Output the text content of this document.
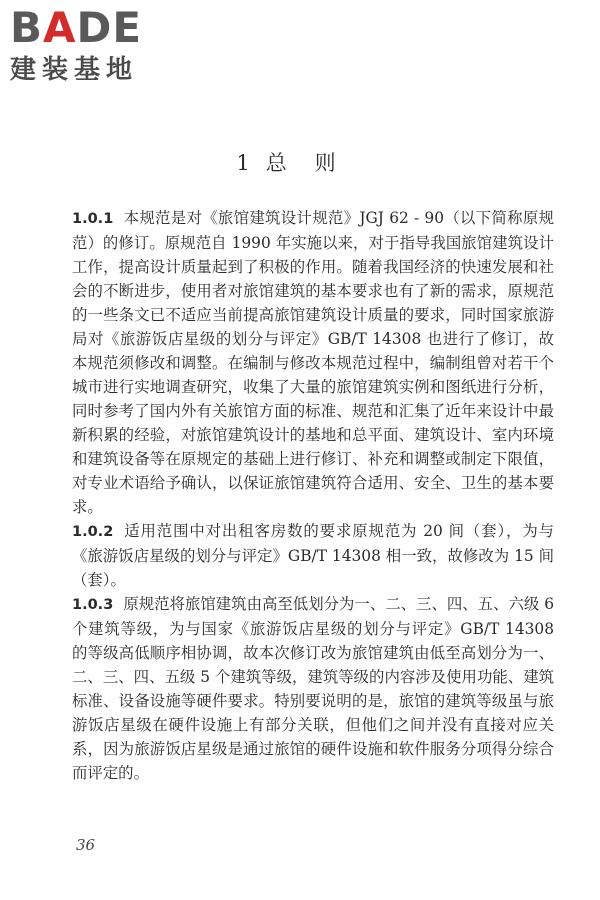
BADE
建装基地
1 总则

1.0.1 本规范是对《旅馆建筑设计规范》JGJ 62 - 90（以下简称原规范）的修订。原规范自 1990 年实施以来，对于指导我国旅馆建筑设计工作，提高设计质量起到了积极的作用。随着我国经济的快速发展和社会的不断进步，使用者对旅馆建筑的基本要求也有了新的需求，原规范的一些条文已不适应当前提高旅馆建筑设计质量的要求，同时国家旅游局对《旅游饭店星级的划分与评定》GB/T 14308 也进行了修订，故本规范须修改和调整。在编制与修改本规范过程中，编制组曾对若干个城市进行实地调查研究，收集了大量的旅馆建筑实例和图纸进行分析，同时参考了国内外有关旅馆方面的标准、规范和汇集了近年来设计中最新积累的经验，对旅馆建筑设计的基地和总平面、建筑设计、室内环境和建筑设备等在原规定的基础上进行修订、补充和调整或制定下限值，对专业术语给予确认，以保证旅馆建筑符合适用、安全、卫生的基本要求。

1.0.2 适用范围中对出租客房数的要求原规范为 20 间（套），为与《旅游饭店星级的划分与评定》GB/T 14308 相一致，故修改为 15 间（套）。

1.0.3 原规范将旅馆建筑由高至低划分为一、二、三、四、五、六级 6 个建筑等级，为与国家《旅游饭店星级的划分与评定》GB/T 14308 的等级高低顺序相协调，故本次修订改为旅馆建筑由低至高划分为一、二、三、四、五级 5 个建筑等级，建筑等级的内容涉及使用功能、建筑标准、设备设施等硬件要求。特别要说明的是，旅馆的建筑等级虽与旅游饭店星级在硬件设施上有部分关联，但他们之间并没有直接对应关系，因为旅游饭店星级是通过旅馆的硬件设施和软件服务分项得分综合而评定的。

36
